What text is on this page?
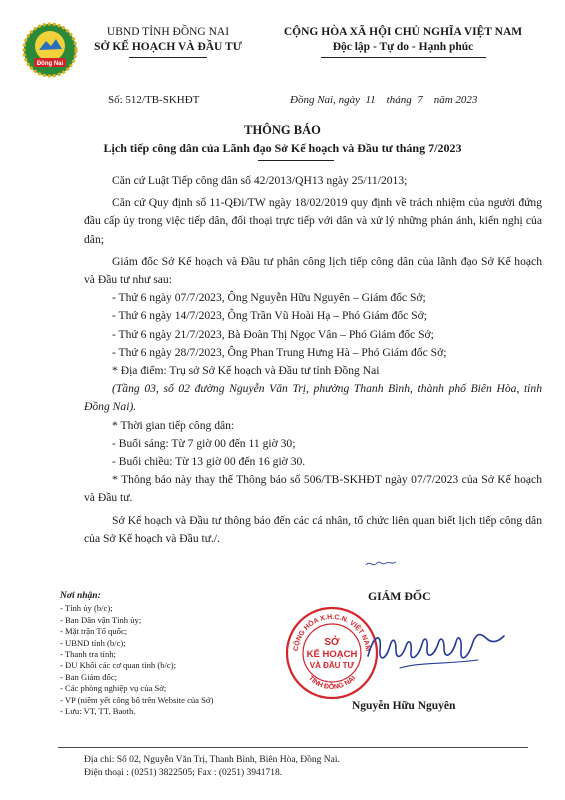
Đồng Nai
UBND TỈNH ĐỒNG NAI
SỞ KẾ HOẠCH VÀ ĐẦU TƯ
CỘNG HÒA XÃ HỘI CHỦ NGHĨA VIỆT NAM
Độc lập - Tự do - Hạnh phúc
Số: 512/TB-SKHĐT	Đồng Nai, ngày  11    tháng  7    năm 2023
THÔNG BÁO
Lịch tiếp công dân của Lãnh đạo Sở Kế hoạch và Đầu tư tháng 7/2023

Căn cứ Luật Tiếp công dân số 42/2013/QH13 ngày 25/11/2013;

Căn cứ Quy định số 11-QĐi/TW ngày 18/02/2019 quy định về trách nhiệm của người đứng đầu cấp ủy trong việc tiếp dân, đối thoại trực tiếp với dân và xử lý những phản ánh, kiến nghị của dân;

Giám đốc Sở Kế hoạch và Đầu tư phân công lịch tiếp công dân của lãnh đạo Sở Kế hoạch và Đầu tư như sau:

- Thứ 6 ngày 07/7/2023, Ông Nguyễn Hữu Nguyên – Giám đốc Sở;

- Thứ 6 ngày 14/7/2023, Ông Trần Vũ Hoài Hạ – Phó Giám đốc Sở;

- Thứ 6 ngày 21/7/2023, Bà Đoàn Thị Ngọc Vân – Phó Giám đốc Sở;

- Thứ 6 ngày 28/7/2023, Ông Phan Trung Hưng Hà – Phó Giám đốc Sở;

* Địa điểm: Trụ sở Sở Kế hoạch và Đầu tư tỉnh Đồng Nai

(Tầng 03, số 02 đường Nguyễn Văn Trị, phường Thanh Bình, thành phố Biên Hòa, tỉnh Đồng Nai).

* Thời gian tiếp công dân:

- Buổi sáng: Từ 7 giờ 00 đến 11 giờ 30;

- Buổi chiều: Từ 13 giờ 00 đến 16 giờ 30.

* Thông báo này thay thế Thông báo số 506/TB-SKHĐT ngày 07/7/2023 của Sở Kế hoạch và Đầu tư.

Sở Kế hoạch và Đầu tư thông báo đến các cá nhân, tổ chức liên quan biết lịch tiếp công dân của Sở Kế hoạch và Đầu tư./.

Nơi nhận:
- Tỉnh ủy (b/c);
- Ban Dân vận Tỉnh ủy;
- Mặt trận Tổ quốc;
- UBND tỉnh (b/c);
- Thanh tra tỉnh;
- ĐU Khối các cơ quan tỉnh (b/c);
- Ban Giám đốc;
- Các phòng nghiệp vụ của Sở;
- VP (niêm yết công bố trên Website của Sở)
- Lưu: VT, TT. Baoth.
GIÁM ĐỐC
CỘNG HÒA X.H.C.N. VIỆT NAM
TỈNH ĐỒNG NAI
SỞ
KẾ HOẠCH
VÀ ĐẦU TƯ
Nguyễn Hữu Nguyên
Địa chỉ: Số 02, Nguyễn Văn Trị, Thanh Bình, Biên Hòa, Đồng Nai.
Điện thoại : (0251) 3822505; Fax : (0251) 3941718.
